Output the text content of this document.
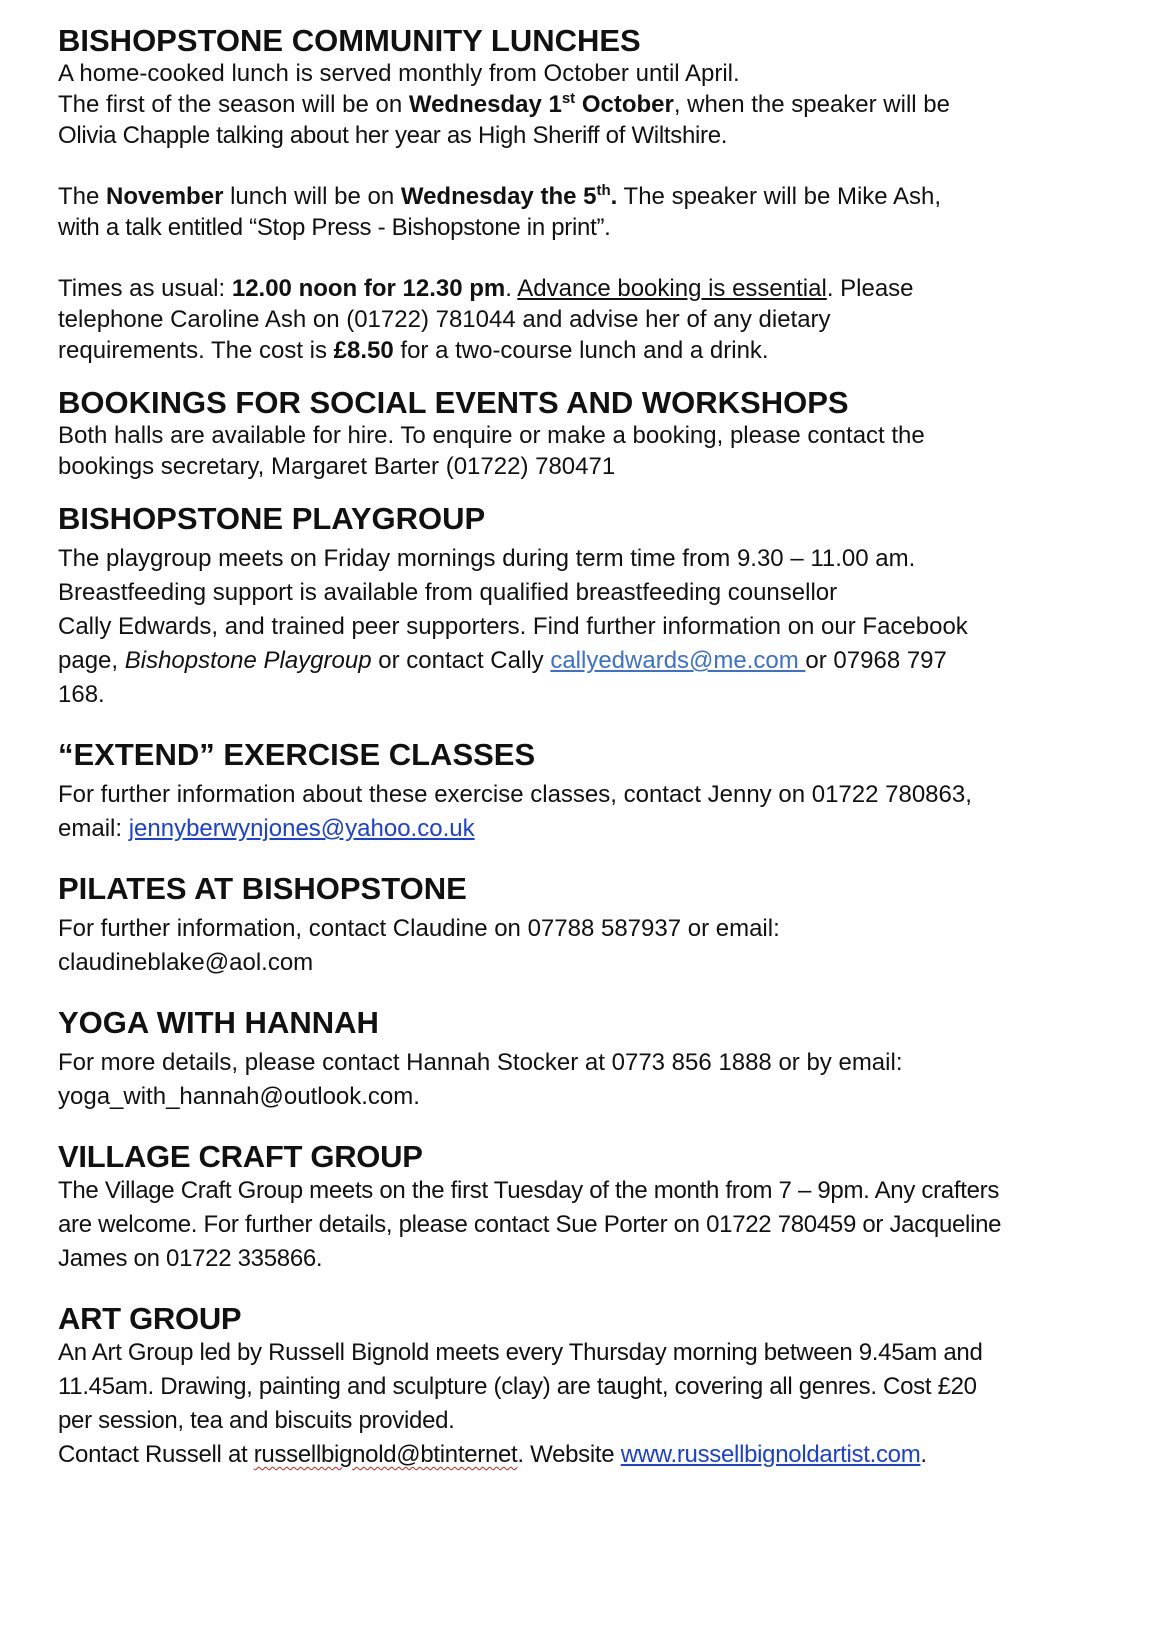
BISHOPSTONE COMMUNITY LUNCHES

A home-cooked lunch is served monthly from October until April.

The first of the season will be on Wednesday 1st October, when the speaker will be

Olivia Chapple talking about her year as High Sheriff of Wiltshire.

The November lunch will be on Wednesday the 5th. The speaker will be Mike Ash,

with a talk entitled “Stop Press - Bishopstone in print”.

Times as usual: 12.00 noon for 12.30 pm. Advance booking is essential. Please

telephone Caroline Ash on (01722) 781044 and advise her of any dietary

requirements. The cost is £8.50 for a two-course lunch and a drink.

BOOKINGS FOR SOCIAL EVENTS AND WORKSHOPS

Both halls are available for hire. To enquire or make a booking, please contact the

bookings secretary, Margaret Barter (01722) 780471

BISHOPSTONE PLAYGROUP

The playgroup meets on Friday mornings during term time from 9.30 – 11.00 am.

Breastfeeding support is available from qualified breastfeeding counsellor

Cally Edwards, and trained peer supporters. Find further information on our Facebook

page, Bishopstone Playgroup or contact Cally callyedwards@me.com or 07968 797

168.

“EXTEND” EXERCISE CLASSES

For further information about these exercise classes, contact Jenny on 01722 780863,

email: jennyberwynjones@yahoo.co.uk

PILATES AT BISHOPSTONE

For further information, contact Claudine on 07788 587937 or email:

claudineblake@aol.com

YOGA WITH HANNAH

For more details, please contact Hannah Stocker at 0773 856 1888 or by email:

yoga_with_hannah@outlook.com.

VILLAGE CRAFT GROUP

The Village Craft Group meets on the first Tuesday of the month from 7 – 9pm. Any crafters

are welcome. For further details, please contact Sue Porter on 01722 780459 or Jacqueline

James on 01722 335866.

ART GROUP

An Art Group led by Russell Bignold meets every Thursday morning between 9.45am and

11.45am. Drawing, painting and sculpture (clay) are taught, covering all genres. Cost £20

per session, tea and biscuits provided.

Contact Russell at russellbignold@btinternet. Website www.russellbignoldartist.com.
